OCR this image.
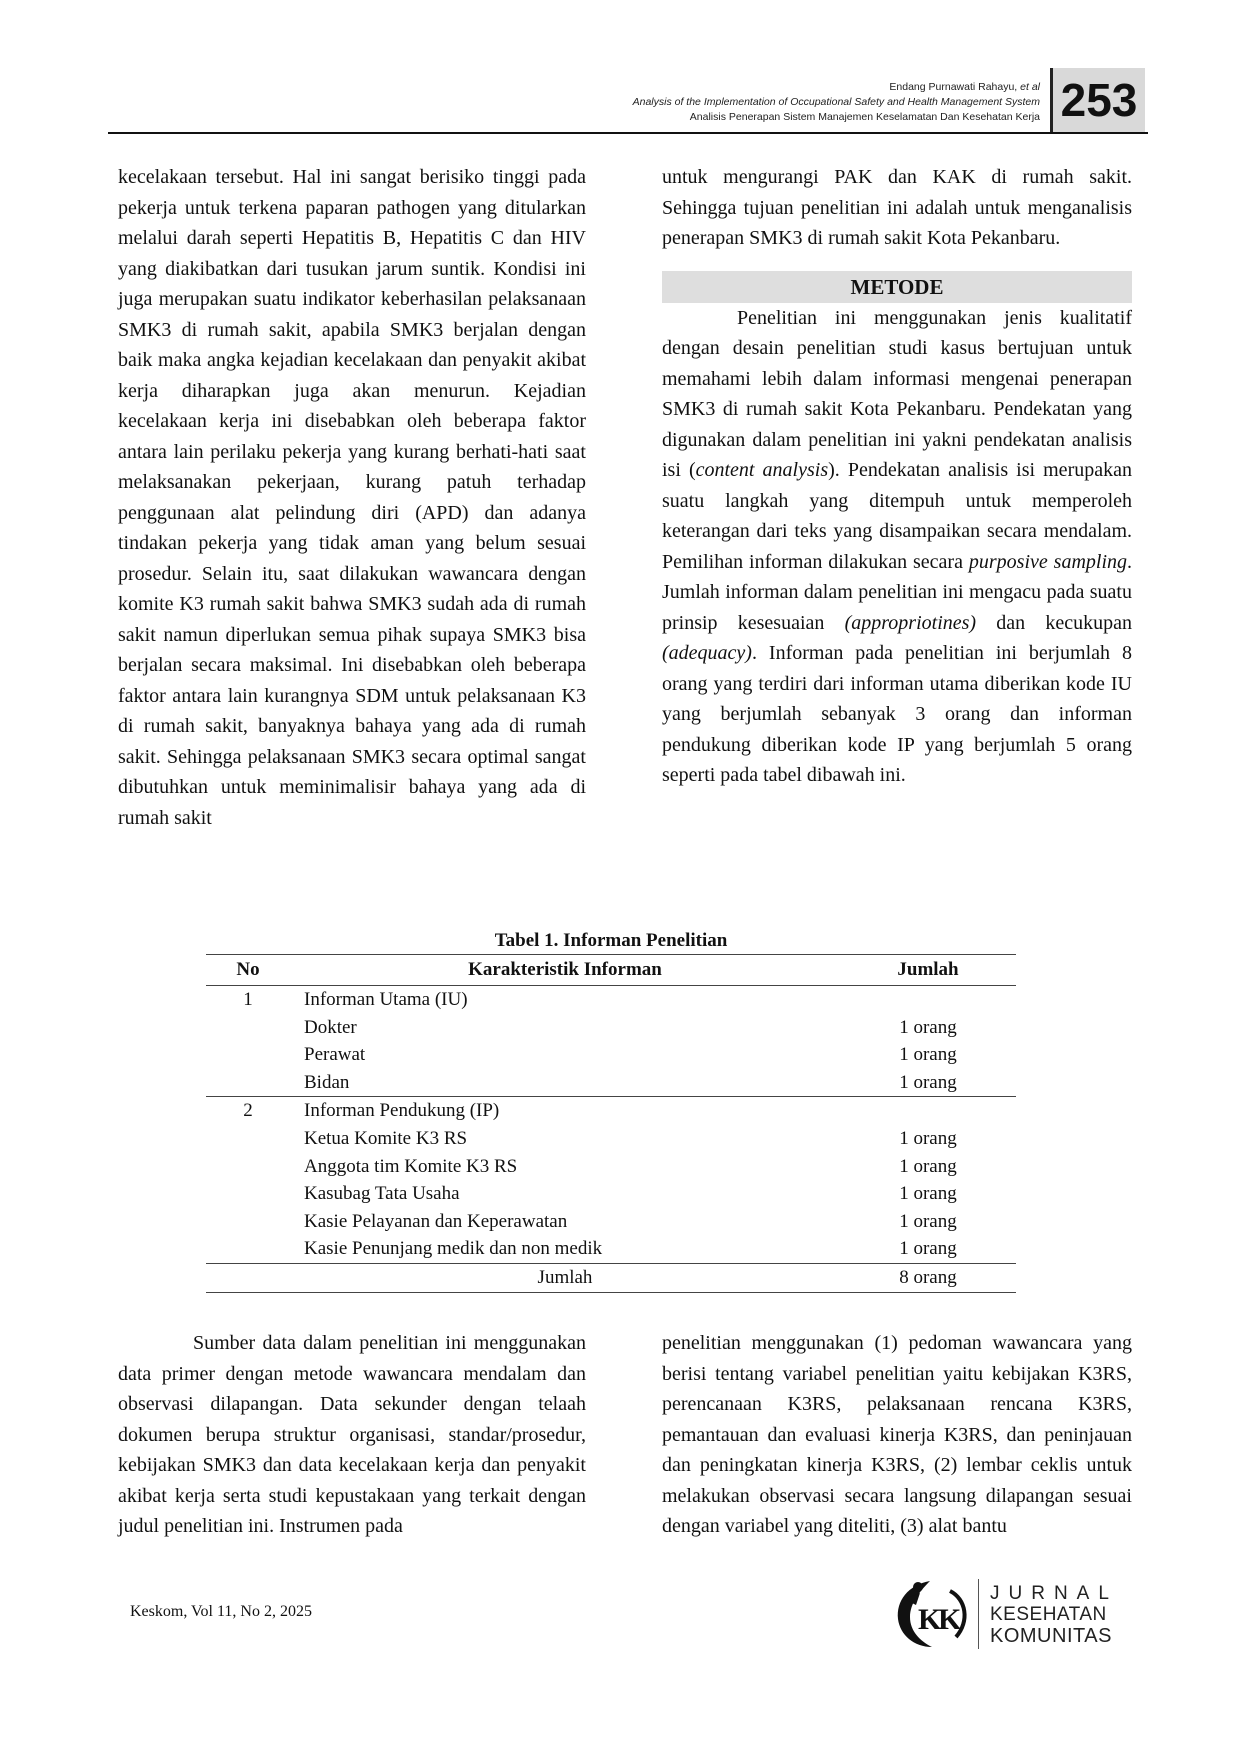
Endang Purnawati Rahayu, et al
Analysis of the Implementation of Occupational Safety and Health Management System
Analisis Penerapan Sistem Manajemen Keselamatan Dan Kesehatan Kerja 253

kecelakaan tersebut. Hal ini sangat berisiko tinggi pada pekerja untuk terkena paparan pathogen yang ditularkan melalui darah seperti Hepatitis B, Hepatitis C dan HIV yang diakibatkan dari tusukan jarum suntik. Kondisi ini juga merupakan suatu indikator keberhasilan pelaksanaan SMK3 di rumah sakit, apabila SMK3 berjalan dengan baik maka angka kejadian kecelakaan dan penyakit akibat kerja diharapkan juga akan menurun. Kejadian kecelakaan kerja ini disebabkan oleh beberapa faktor antara lain perilaku pekerja yang kurang berhati-hati saat melaksanakan pekerjaan, kurang patuh terhadap penggunaan alat pelindung diri (APD) dan adanya tindakan pekerja yang tidak aman yang belum sesuai prosedur. Selain itu, saat dilakukan wawancara dengan komite K3 rumah sakit bahwa SMK3 sudah ada di rumah sakit namun diperlukan semua pihak supaya SMK3 bisa berjalan secara maksimal. Ini disebabkan oleh beberapa faktor antara lain kurangnya SDM untuk pelaksanaan K3 di rumah sakit, banyaknya bahaya yang ada di rumah sakit. Sehingga pelaksanaan SMK3 secara optimal sangat dibutuhkan untuk meminimalisir bahaya yang ada di rumah sakit

untuk mengurangi PAK dan KAK di rumah sakit. Sehingga tujuan penelitian ini adalah untuk menganalisis penerapan SMK3 di rumah sakit Kota Pekanbaru.

METODE

Penelitian ini menggunakan jenis kualitatif dengan desain penelitian studi kasus bertujuan untuk memahami lebih dalam informasi mengenai penerapan SMK3 di rumah sakit Kota Pekanbaru. Pendekatan yang digunakan dalam penelitian ini yakni pendekatan analisis isi (content analysis). Pendekatan analisis isi merupakan suatu langkah yang ditempuh untuk memperoleh keterangan dari teks yang disampaikan secara mendalam. Pemilihan informan dilakukan secara purposive sampling. Jumlah informan dalam penelitian ini mengacu pada suatu prinsip kesesuaian (appropriotines) dan kecukupan (adequacy). Informan pada penelitian ini berjumlah 8 orang yang terdiri dari informan utama diberikan kode IU yang berjumlah sebanyak 3 orang dan informan pendukung diberikan kode IP yang berjumlah 5 orang seperti pada tabel dibawah ini.

Tabel 1. Informan Penelitian
No	Karakteristik Informan	Jumlah
1	Informan Utama (IU)	
	Dokter	1 orang
	Perawat	1 orang
	Bidan	1 orang
2	Informan Pendukung (IP)	
	Ketua Komite K3 RS	1 orang
	Anggota tim Komite K3 RS	1 orang
	Kasubag Tata Usaha	1 orang
	Kasie Pelayanan dan Keperawatan	1 orang
	Kasie Penunjang medik dan non medik	1 orang
	Jumlah	8 orang

Sumber data dalam penelitian ini menggunakan data primer dengan metode wawancara mendalam dan observasi dilapangan. Data sekunder dengan telaah dokumen berupa struktur organisasi, standar/prosedur, kebijakan SMK3 dan data kecelakaan kerja dan penyakit akibat kerja serta studi kepustakaan yang terkait dengan judul penelitian ini. Instrumen pada

penelitian menggunakan (1) pedoman wawancara yang berisi tentang variabel penelitian yaitu kebijakan K3RS, perencanaan K3RS, pelaksanaan rencana K3RS, pemantauan dan evaluasi kinerja K3RS, dan peninjauan dan peningkatan kinerja K3RS, (2) lembar ceklis untuk melakukan observasi secara langsung dilapangan sesuai dengan variabel yang diteliti, (3) alat bantu

Keskom, Vol 11, No 2, 2025	K
K
JURNAL
KESEHATAN
KOMUNITAS
